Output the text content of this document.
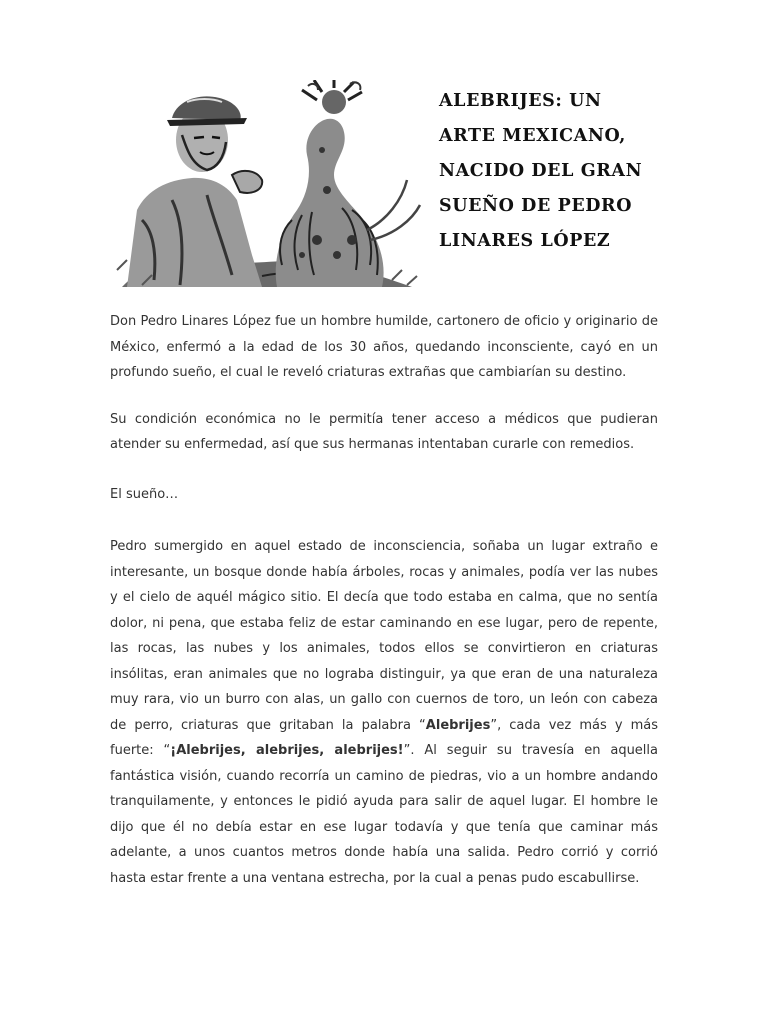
ALEBRIJES: UN
ARTE MEXICANO,
NACIDO DEL GRAN
SUEÑO DE PEDRO
LINARES LÓPEZ

Don Pedro Linares López fue un hombre humilde, cartonero de oficio y originario de México, enfermó a la edad de los 30 años, quedando inconsciente, cayó en un profundo sueño, el cual le reveló criaturas extrañas que cambiarían su destino.

Su condición económica no le permitía tener acceso a médicos que pudieran atender su enfermedad, así que sus hermanas intentaban curarle con remedios.

El sueño…

Pedro sumergido en aquel estado de inconsciencia, soñaba un lugar extraño e interesante, un bosque donde había árboles, rocas y animales, podía ver las nubes y el cielo de aquél mágico sitio. El decía que todo estaba en calma, que no sentía dolor, ni pena, que estaba feliz de estar caminando en ese lugar, pero de repente, las rocas, las nubes y los animales, todos ellos se convirtieron en criaturas insólitas, eran animales que no lograba distinguir, ya que eran de una naturaleza muy rara, vio un burro con alas, un gallo con cuernos de toro, un león con cabeza de perro, criaturas que gritaban la palabra “Alebrijes”, cada vez más y más fuerte: “¡Alebrijes, alebrijes, alebrijes!”. Al seguir su travesía en aquella fantástica visión, cuando recorría un camino de piedras, vio a un hombre andando tranquilamente, y entonces le pidió ayuda para salir de aquel lugar. El hombre le dijo que él no debía estar en ese lugar todavía y que tenía que caminar más adelante, a unos cuantos metros donde había una salida. Pedro corrió y corrió hasta estar frente a una ventana estrecha, por la cual a penas pudo escabullirse.
